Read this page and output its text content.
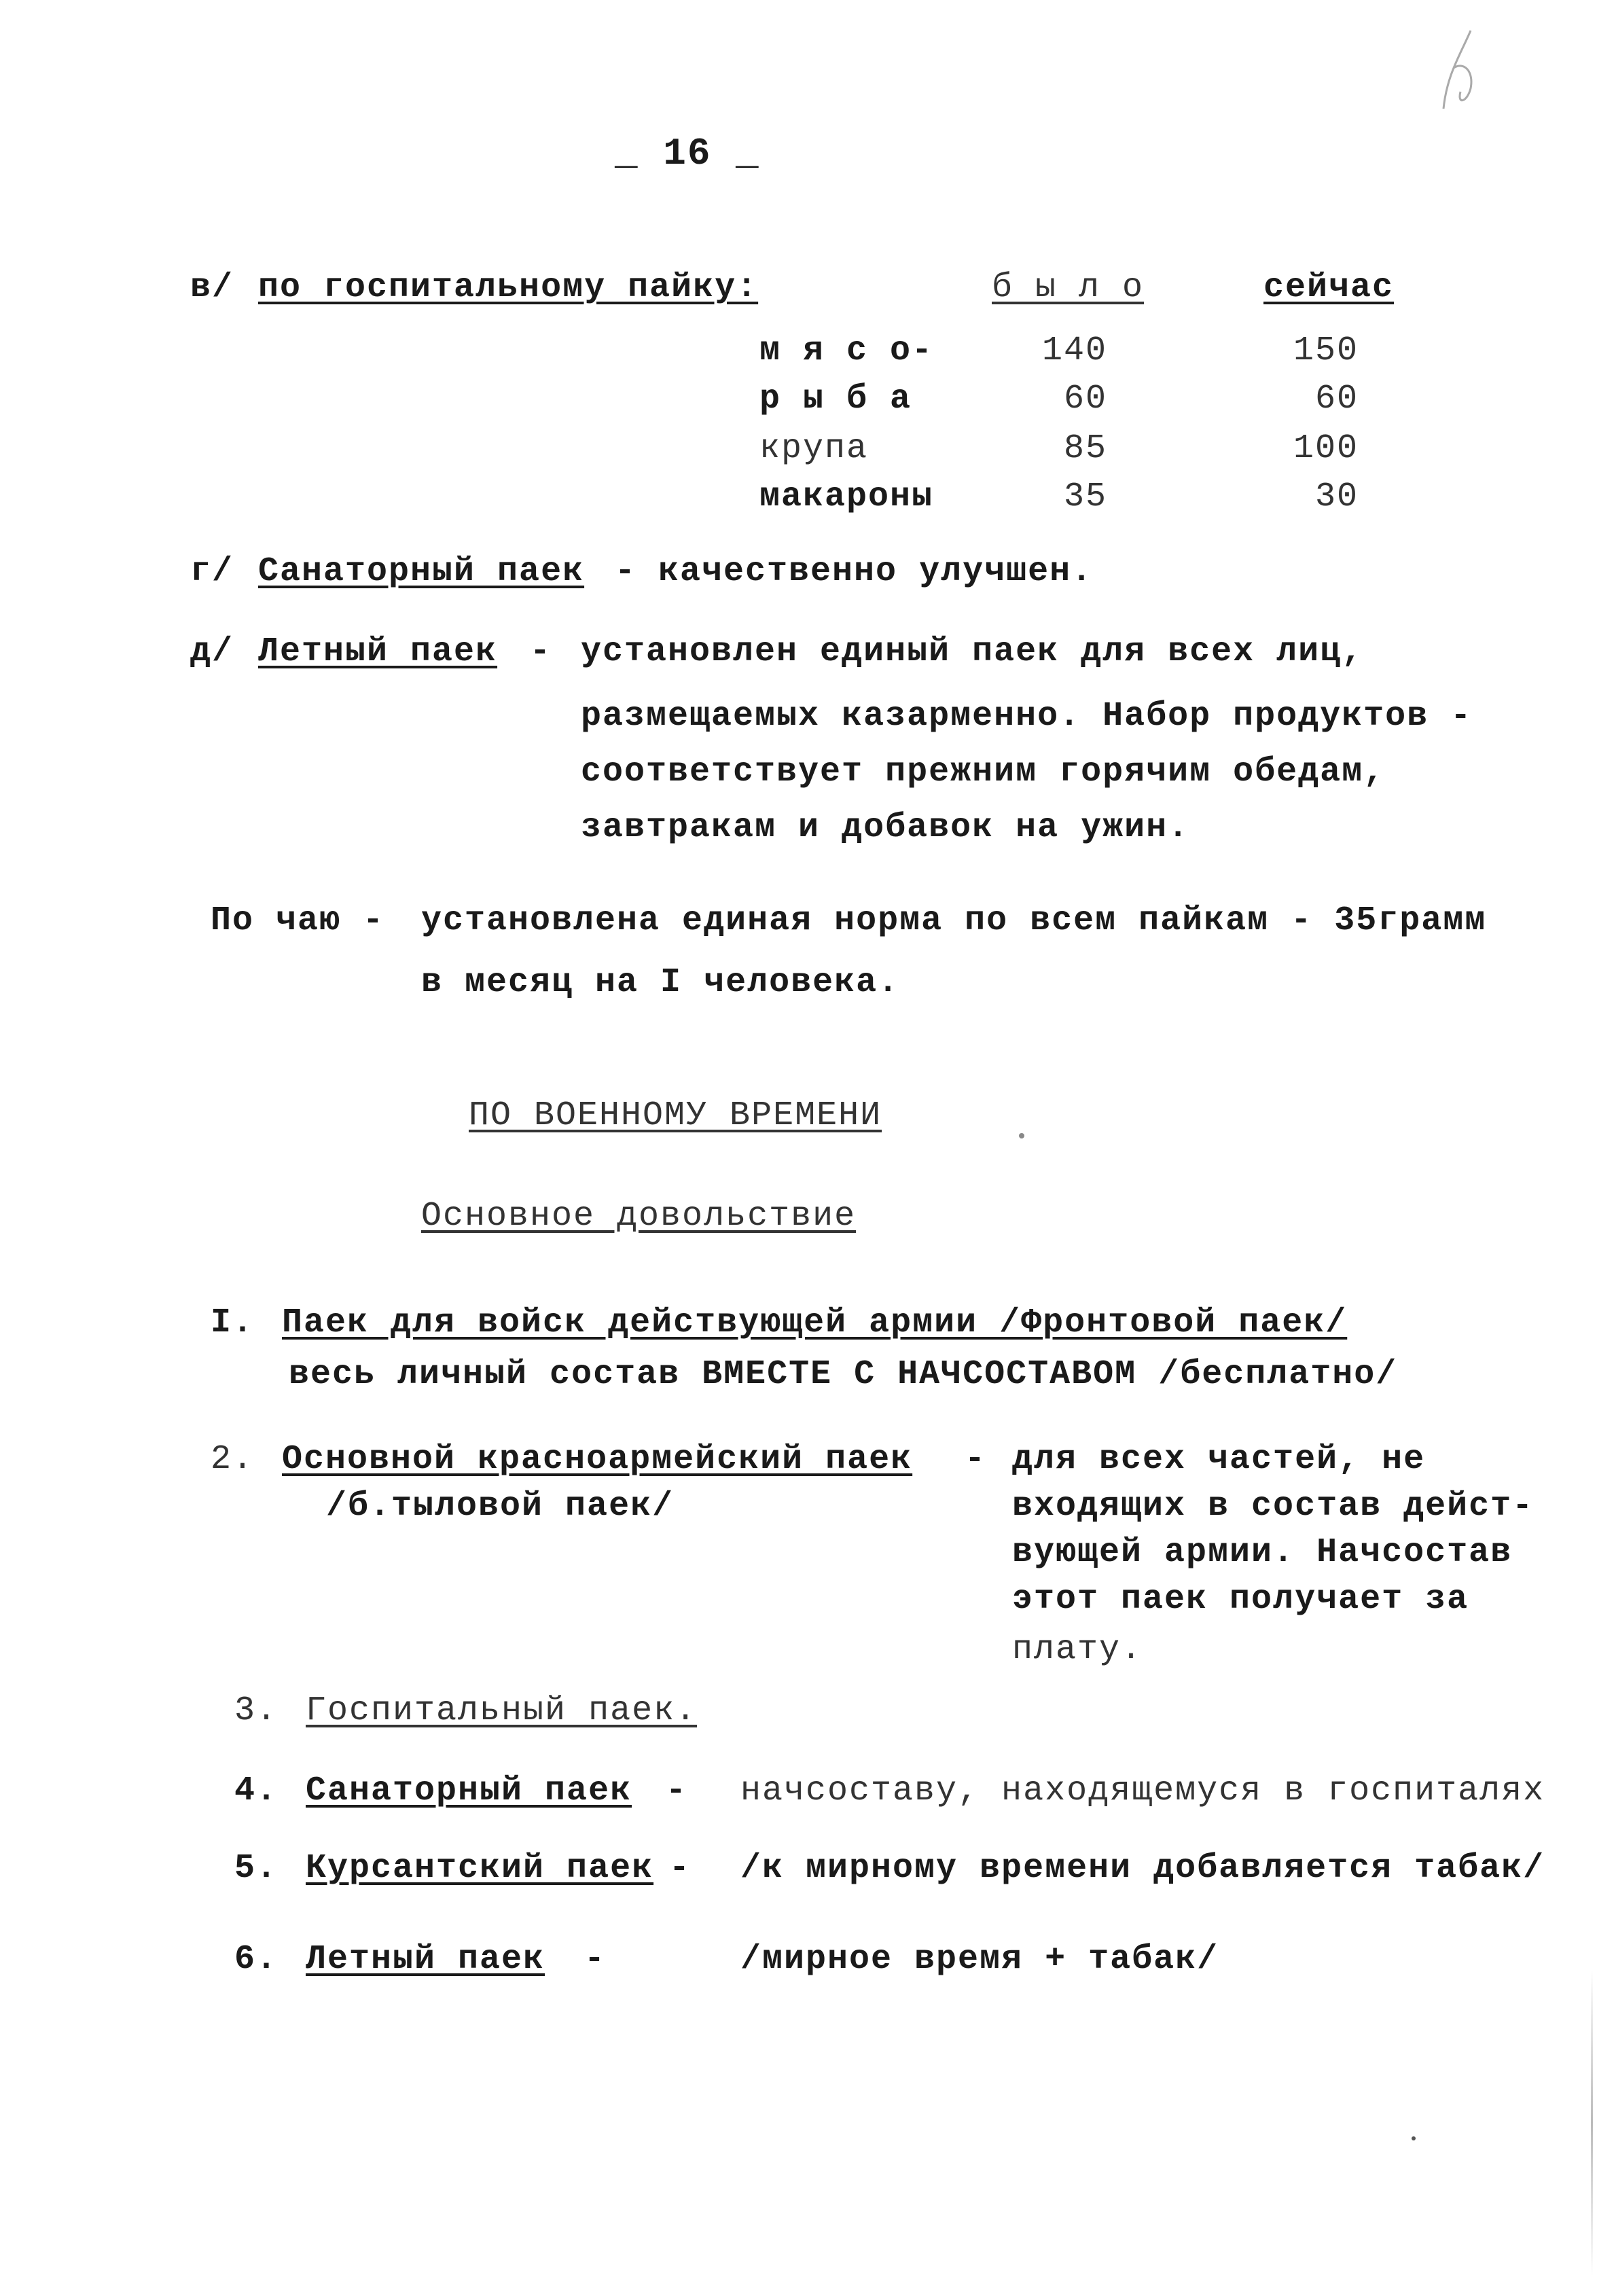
_ 16 _
в/ по госпитальному пайку:	б ы л о	сейчас
м я с о-	140	150
р ы б а	60	60
крупа	85	100
макароны	35	30
г/ Санаторный паек - качественно улучшен.
д/ Летный паек - установлен единый паек для всех лиц,
размещаемых казарменно. Набор продуктов -
соответствует прежним горячим обедам,
завтракам и добавок на ужин.
По чаю - установлена единая норма по всем пайкам - 35грамм
в месяц на I человека.
ПО ВОЕННОМУ ВРЕМЕНИ
Основное довольствие
I. Паек для войск действующей армии /Фронтовой паек/
весь личный состав ВМЕСТЕ С НАЧСОСТАВОМ /бесплатно/
2. Основной красноармейский паек -
/б.тыловой паек/
для всех частей, не
входящих в состав дейст-
вующей армии. Начсостав
этот паек получает за
плату.
3. Госпитальный паек.
4. Санаторный паек - начсоставу, находящемуся в госпиталях
5. Курсантский паек - /к мирному времени добавляется табак/
6. Летный паек -	/мирное время + табак/
